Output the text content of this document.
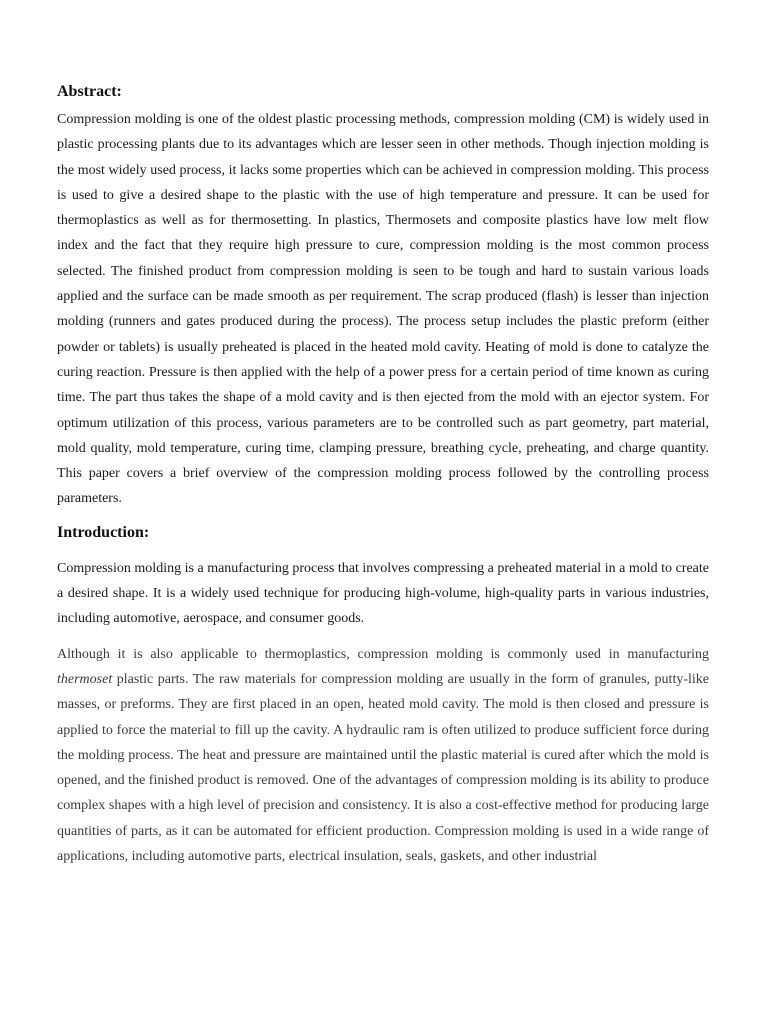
Abstract:

Compression molding is one of the oldest plastic processing methods, compression molding (CM) is widely used in plastic processing plants due to its advantages which are lesser seen in other methods. Though injection molding is the most widely used process, it lacks some properties which can be achieved in compression molding. This process is used to give a desired shape to the plastic with the use of high temperature and pressure. It can be used for thermoplastics as well as for thermosetting. In plastics, Thermosets and composite plastics have low melt flow index and the fact that they require high pressure to cure, compression molding is the most common process selected. The finished product from compression molding is seen to be tough and hard to sustain various loads applied and the surface can be made smooth as per requirement. The scrap produced (flash) is lesser than injection molding (runners and gates produced during the process). The process setup includes the plastic preform (either powder or tablets) is usually preheated is placed in the heated mold cavity. Heating of mold is done to catalyze the curing reaction. Pressure is then applied with the help of a power press for a certain period of time known as curing time. The part thus takes the shape of a mold cavity and is then ejected from the mold with an ejector system. For optimum utilization of this process, various parameters are to be controlled such as part geometry, part material, mold quality, mold temperature, curing time, clamping pressure, breathing cycle, preheating, and charge quantity. This paper covers a brief overview of the compression molding process followed by the controlling process parameters.

Introduction:

Compression molding is a manufacturing process that involves compressing a preheated material in a mold to create a desired shape. It is a widely used technique for producing high-volume, high-quality parts in various industries, including automotive, aerospace, and consumer goods.

Although it is also applicable to thermoplastics, compression molding is commonly used in manufacturing thermoset plastic parts. The raw materials for compression molding are usually in the form of granules, putty-like masses, or preforms. They are first placed in an open, heated mold cavity. The mold is then closed and pressure is applied to force the material to fill up the cavity. A hydraulic ram is often utilized to produce sufficient force during the molding process. The heat and pressure are maintained until the plastic material is cured after which the mold is opened, and the finished product is removed. One of the advantages of compression molding is its ability to produce complex shapes with a high level of precision and consistency. It is also a cost-effective method for producing large quantities of parts, as it can be automated for efficient production. Compression molding is used in a wide range of applications, including automotive parts, electrical insulation, seals, gaskets, and other industrial
